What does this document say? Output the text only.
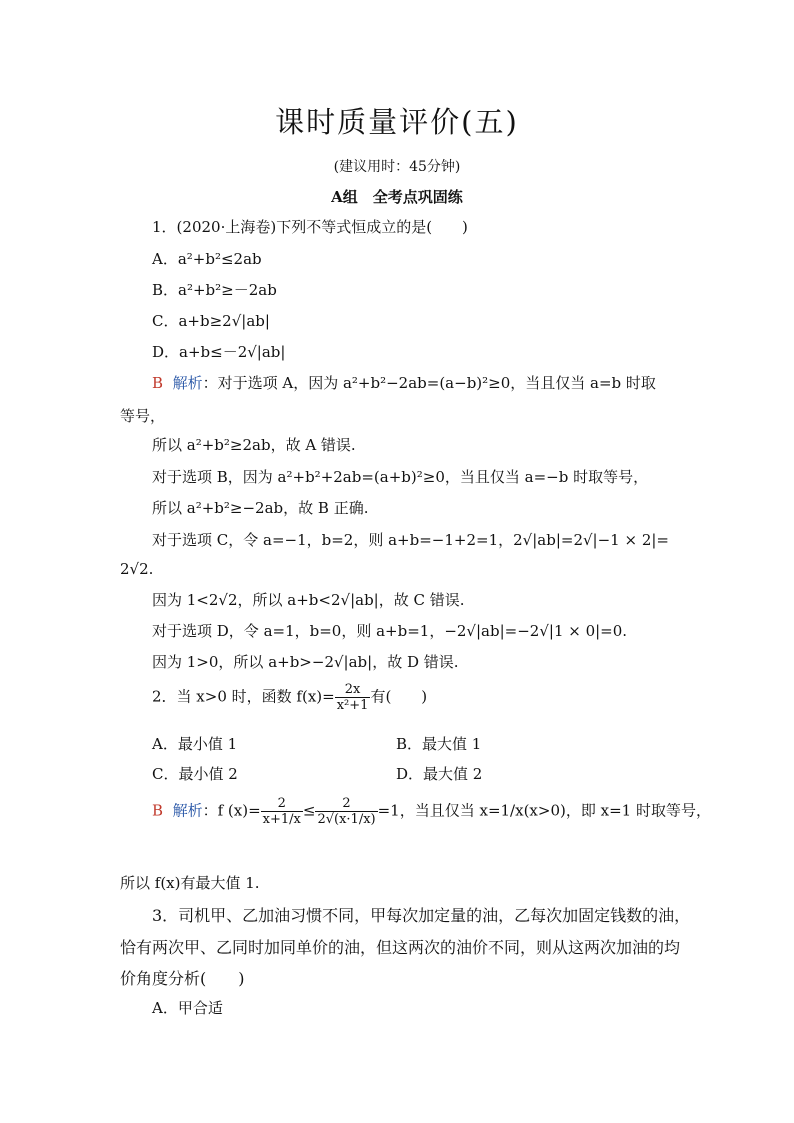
课时质量评价(五)
(建议用时：45分钟)
A组　全考点巩固练
1．(2020·上海卷)下列不等式恒成立的是(　　)
A．a²+b²≤2ab
B．a²+b²≥－2ab
C．a+b≥2√|ab|
D．a+b≤－2√|ab|
B 解析：对于选项 A，因为 a²+b²−2ab=(a−b)²≥0，当且仅当 a=b 时取
等号，
所以 a²+b²≥2ab，故 A 错误.
对于选项 B，因为 a²+b²+2ab=(a+b)²≥0，当且仅当 a=−b 时取等号，
所以 a²+b²≥−2ab，故 B 正确.
对于选项 C，令 a=−1，b=2，则 a+b=−1+2=1，2√|ab|=2√|−1 × 2|=
2√2.
因为 1<2√2，所以 a+b<2√|ab|，故 C 错误.
对于选项 D，令 a=1，b=0，则 a+b=1，−2√|ab|=−2√|1 × 0|=0.
因为 1>0，所以 a+b>−2√|ab|，故 D 错误.
2．当 x>0 时，函数 $f(x)= \frac{2x}{\text{x²+1}}$ 有(　　)
A．最小值 1	B．最大值 1
C．最小值 2	D．最大值 2
B 解析：f $(x)= \frac{2}{x+1/x} \le \frac{2}{2√(x\cdot 1/x)} =1$，当且仅当 x=1/x(x>0)，即 x=1 时取等号，
所以 f(x)有最大值 1.
3．司机甲、乙加油习惯不同，甲每次加定量的油，乙每次加固定钱数的油，
恰有两次甲、乙同时加同单价的油，但这两次的油价不同，则从这两次加油的均
价角度分析(　　)
A．甲合适
